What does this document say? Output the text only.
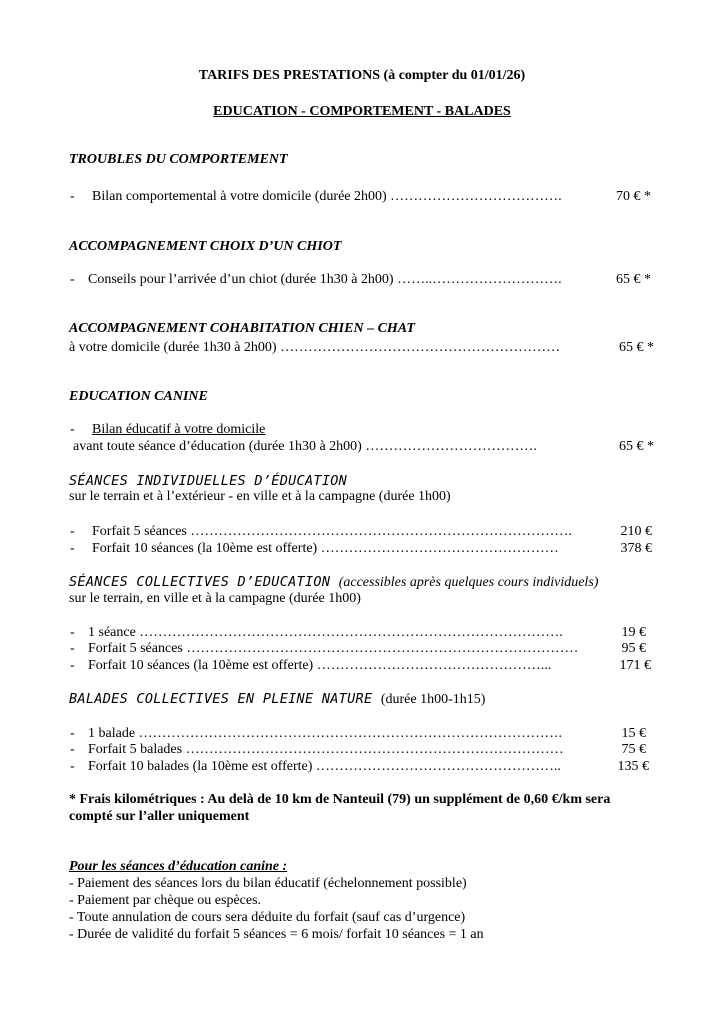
TARIFS DES PRESTATIONS (à compter du 01/01/26)
EDUCATION - COMPORTEMENT - BALADES
TROUBLES DU COMPORTEMENT
- Bilan comportemental à votre domicile (durée 2h00) ……………………………….	70 € *
ACCOMPAGNEMENT CHOIX D’UN CHIOT
- Conseils pour l’arrivée d’un chiot (durée 1h30 à 2h00) ……..……………………….	65 € *
ACCOMPAGNEMENT COHABITATION CHIEN – CHAT
à votre domicile (durée 1h30 à 2h00) ……………………………………………………	65 € *
EDUCATION CANINE
- Bilan éducatif à votre domicile
avant toute séance d’éducation (durée 1h30 à 2h00) ……………………………….	65 € *
SÉANCES INDIVIDUELLES D’ÉDUCATION
sur le terrain et à l’extérieur - en ville et à la campagne (durée 1h00)
- Forfait 5 séances ……………………………………………………………………….	210 €
- Forfait 10 séances (la 10ème est offerte) ……………………………………………	378 €
SÉANCES COLLECTIVES D’EDUCATION (accessibles après quelques cours individuels)
sur le terrain, en ville et à la campagne (durée 1h00)
- 1 séance ……………………………………………………………………………….	19 €
- Forfait 5 séances …………………………………………………………………………	95 €
- Forfait 10 séances (la 10ème est offerte) …………………………………………...	171 €
BALADES COLLECTIVES EN PLEINE NATURE (durée 1h00-1h15)
- 1 balade ……………………………………………………………………………….	15 €
- Forfait 5 balades ………………………………………………………………………	75 €
- Forfait 10 balades (la 10ème est offerte) ……………………………………………..	135 €
* Frais kilométriques : Au delà de 10 km de Nanteuil (79) un supplément de 0,60 €/km sera
compté sur l’aller uniquement
Pour les séances d’éducation canine :
- Paiement des séances lors du bilan éducatif (échelonnement possible)
- Paiement par chèque ou espèces.
- Toute annulation de cours sera déduite du forfait (sauf cas d’urgence)
- Durée de validité du forfait 5 séances = 6 mois/ forfait 10 séances = 1 an
